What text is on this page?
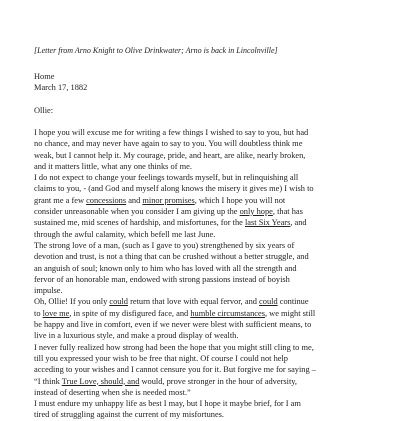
[Letter from Arno Knight to Olive Drinkwater; Arno is back in Lincolnville]
Home
March 17, 1882
Ollie:
I hope you will excuse me for writing a few things I wished to say to you, but had
no chance, and may never have again to say to you. You will doubtless think me
weak, but I cannot help it. My courage, pride, and heart, are alike, nearly broken,
and it matters little, what any one thinks of me.
I do not expect to change your feelings towards myself, but in relinquishing all
claims to you, - (and God and myself along knows the misery it gives me) I wish to
grant me a few concessions and minor promises, which I hope you will not
consider unreasonable when you consider I am giving up the only hope, that has
sustained me, mid scenes of hardship, and misfortunes, for the last Six Years, and
through the awful calamity, which befell me last June.
The strong love of a man, (such as I gave to you) strengthened by six years of
devotion and trust, is not a thing that can be crushed without a better struggle, and
an anguish of soul; known only to him who has loved with all the strength and
fervor of an honorable man, endowed with strong passions instead of boyish
impulse.
Oh, Ollie! If you only could return that love with equal fervor, and could continue
to love me, in spite of my disfigured face, and humble circumstances, we might still
be happy and live in comfort, even if we never were blest with sufficient means, to
live in a luxurious style, and make a proud display of wealth.
I never fully realized how strong had been the hope that you might still cling to me,
till you expressed your wish to be free that night. Of course I could not help
acceding to your wishes and I cannot censure you for it. But forgive me for saying –
“I think True Love, should, and would, prove stronger in the hour of adversity,
instead of deserting when she is needed most.”
I must endure my unhappy life as best I may, but I hope it maybe brief, for I am
tired of struggling against the current of my misfortunes.
